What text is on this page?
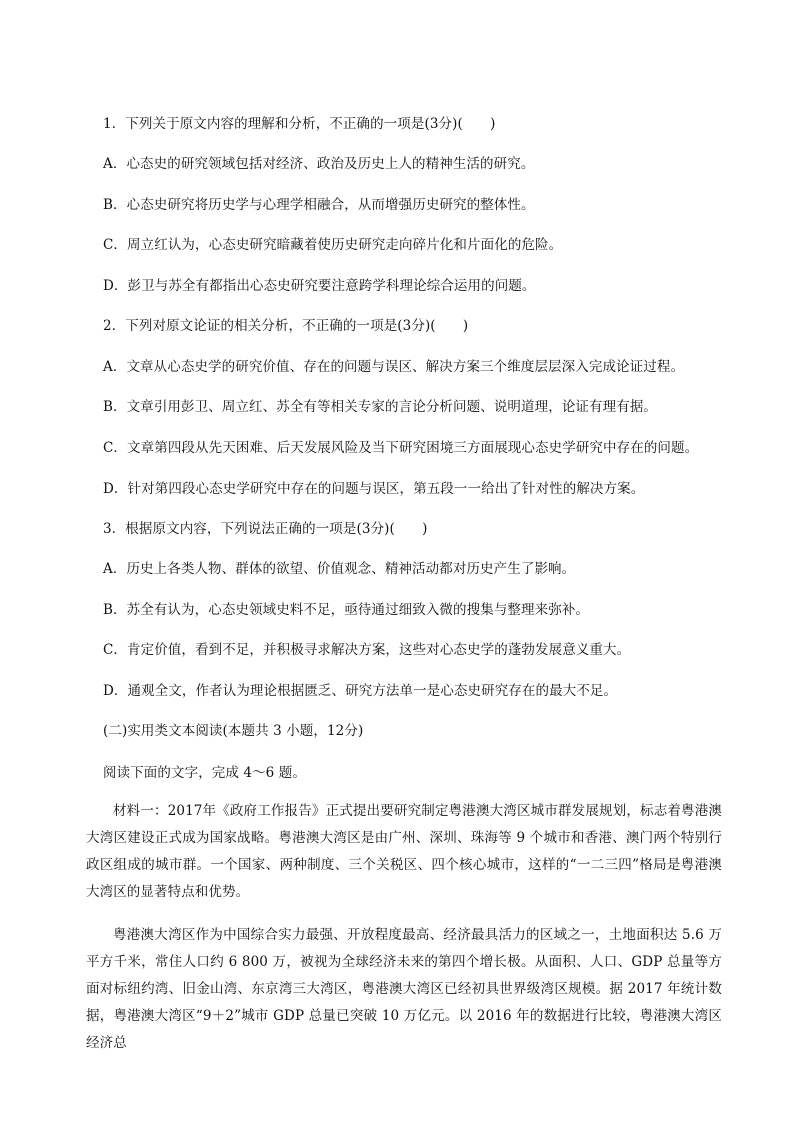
1．下列关于原文内容的理解和分析，不正确的一项是(3分)(　　)
A．心态史的研究领域包括对经济、政治及历史上人的精神生活的研究。
B．心态史研究将历史学与心理学相融合，从而增强历史研究的整体性。
C．周立红认为，心态史研究暗藏着使历史研究走向碎片化和片面化的危险。
D．彭卫与苏全有都指出心态史研究要注意跨学科理论综合运用的问题。
2．下列对原文论证的相关分析，不正确的一项是(3分)(　　)
A．文章从心态史学的研究价值、存在的问题与误区、解决方案三个维度层层深入完成论证过程。
B．文章引用彭卫、周立红、苏全有等相关专家的言论分析问题、说明道理，论证有理有据。
C．文章第四段从先天困难、后天发展风险及当下研究困境三方面展现心态史学研究中存在的问题。
D．针对第四段心态史学研究中存在的问题与误区，第五段一一给出了针对性的解决方案。
3．根据原文内容，下列说法正确的一项是(3分)(　　)
A．历史上各类人物、群体的欲望、价值观念、精神活动都对历史产生了影响。
B．苏全有认为，心态史领域史料不足，亟待通过细致入微的搜集与整理来弥补。
C．肯定价值，看到不足，并积极寻求解决方案，这些对心态史学的蓬勃发展意义重大。
D．通观全文，作者认为理论根据匮乏、研究方法单一是心态史研究存在的最大不足。
(二)实用类文本阅读(本题共 3 小题，12分)
阅读下面的文字，完成 4～6 题。
材料一：2017年《政府工作报告》正式提出要研究制定粤港澳大湾区城市群发展规划，标志着粤港澳大湾区建设正式成为国家战略。粤港澳大湾区是由广州、深圳、珠海等 9 个城市和香港、澳门两个特别行政区组成的城市群。一个国家、两种制度、三个关税区、四个核心城市，这样的“一二三四”格局是粤港澳大湾区的显著特点和优势。
粤港澳大湾区作为中国综合实力最强、开放程度最高、经济最具活力的区域之一，土地面积达 5.6 万平方千米，常住人口约 6 800 万，被视为全球经济未来的第四个增长极。从面积、人口、GDP 总量等方面对标纽约湾、旧金山湾、东京湾三大湾区，粤港澳大湾区已经初具世界级湾区规模。据 2017 年统计数据，粤港澳大湾区“9＋2”城市 GDP 总量已突破 10 万亿元。以 2016 年的数据进行比较，粤港澳大湾区经济总
